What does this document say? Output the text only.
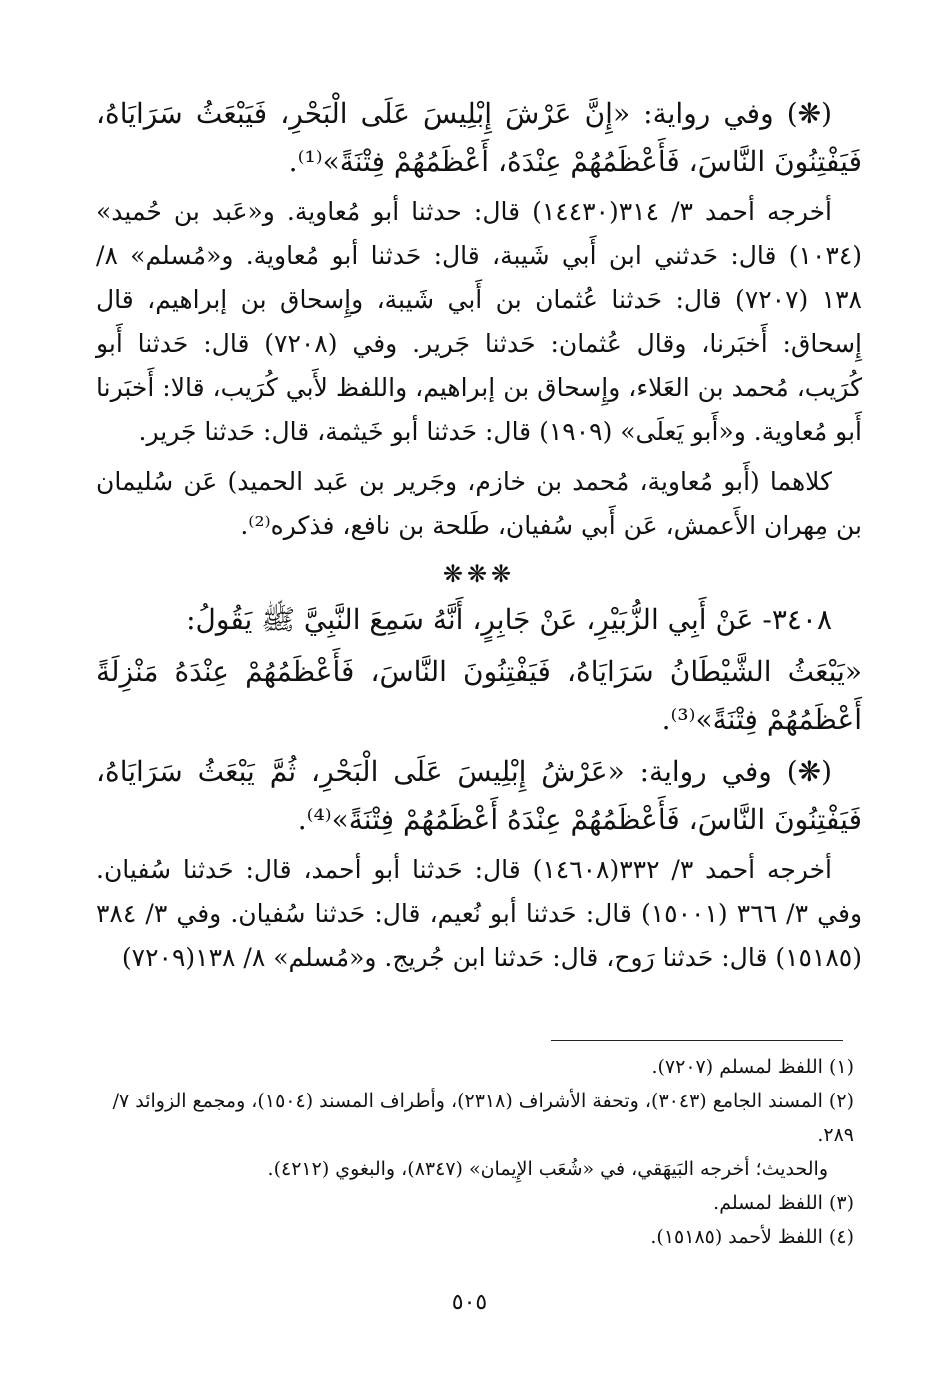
(❋) وفي رواية: «إِنَّ عَرْشَ إِبْلِيسَ عَلَى الْبَحْرِ، فَيَبْعَثُ سَرَايَاهُ، فَيَفْتِنُونَ النَّاسَ، فَأَعْظَمُهُمْ عِنْدَهُ، أَعْظَمُهُمْ فِتْنَةً»⁽¹⁾.

أخرجه أحمد ٣/ ٣١٤(١٤٤٣٠) قال: حدثنا أبو مُعاوية. و«عَبد بن حُميد» (١٠٣٤) قال: حَدثني ابن أَبي شَيبة، قال: حَدثنا أبو مُعاوية. و«مُسلم» ٨/ ١٣٨ (٧٢٠٧) قال: حَدثنا عُثمان بن أَبي شَيبة، وإِسحاق بن إبراهيم، قال إِسحاق: أَخبَرنا، وقال عُثمان: حَدثنا جَرير. وفي (٧٢٠٨) قال: حَدثنا أَبو كُرَيب، مُحمد بن العَلاء، وإِسحاق بن إبراهيم، واللفظ لأَبي كُرَيب، قالا: أَخبَرنا أَبو مُعاوية. و«أَبو يَعلَى» (١٩٠٩) قال: حَدثنا أبو خَيثمة، قال: حَدثنا جَرير.

كلاهما (أَبو مُعاوية، مُحمد بن خازم، وجَرير بن عَبد الحميد) عَن سُليمان بن مِهران الأَعمش، عَن أَبي سُفيان، طَلحة بن نافع، فذكره⁽²⁾.

❋❋❋

٣٤٠٨- عَنْ أَبِي الزُّبَيْرِ، عَنْ جَابِرٍ، أَنَّهُ سَمِعَ النَّبِيَّ ﷺ يَقُولُ:

«يَبْعَثُ الشَّيْطَانُ سَرَايَاهُ، فَيَفْتِنُونَ النَّاسَ، فَأَعْظَمُهُمْ عِنْدَهُ مَنْزِلَةً أَعْظَمُهُمْ فِتْنَةً»⁽³⁾.

(❋) وفي رواية: «عَرْشُ إِبْلِيسَ عَلَى الْبَحْرِ، ثُمَّ يَبْعَثُ سَرَايَاهُ، فَيَفْتِنُونَ النَّاسَ، فَأَعْظَمُهُمْ عِنْدَهُ أَعْظَمُهُمْ فِتْنَةً»⁽⁴⁾.

أخرجه أحمد ٣/ ٣٣٢(١٤٦٠٨) قال: حَدثنا أبو أحمد، قال: حَدثنا سُفيان. وفي ٣/ ٣٦٦ (١٥٠٠١) قال: حَدثنا أبو نُعيم، قال: حَدثنا سُفيان. وفي ٣/ ٣٨٤ (١٥١٨٥) قال: حَدثنا رَوح، قال: حَدثنا ابن جُريج. و«مُسلم» ٨/ ١٣٨(٧٢٠٩)

(١) اللفظ لمسلم (٧٢٠٧).

(٢) المسند الجامع (٣٠٤٣)، وتحفة الأشراف (٢٣١٨)، وأطراف المسند (١٥٠٤)، ومجمع الزوائد ٧/ ٢٨٩.

والحديث؛ أخرجه البَيهَقي، في «شُعَب الإِيمان» (٨٣٤٧)، والبغوي (٤٢١٢).

(٣) اللفظ لمسلم.

(٤) اللفظ لأحمد (١٥١٨٥).

٥٠٥
